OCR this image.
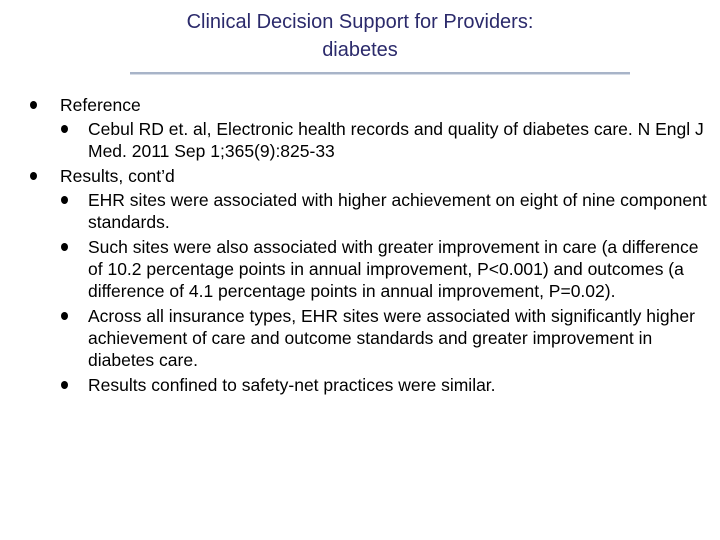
Clinical Decision Support for Providers:
diabetes
Reference
Cebul RD et. al, Electronic health records and quality of diabetes care. N Engl J Med. 2011 Sep 1;365(9):825-33
Results, cont’d
EHR sites were associated with higher achievement on eight of nine component standards.
Such sites were also associated with greater improvement in care (a difference of 10.2 percentage points in annual improvement, P<0.001) and outcomes (a difference of 4.1 percentage points in annual improvement, P=0.02).
Across all insurance types, EHR sites were associated with significantly higher achievement of care and outcome standards and greater improvement in diabetes care.
Results confined to safety-net practices were similar.
